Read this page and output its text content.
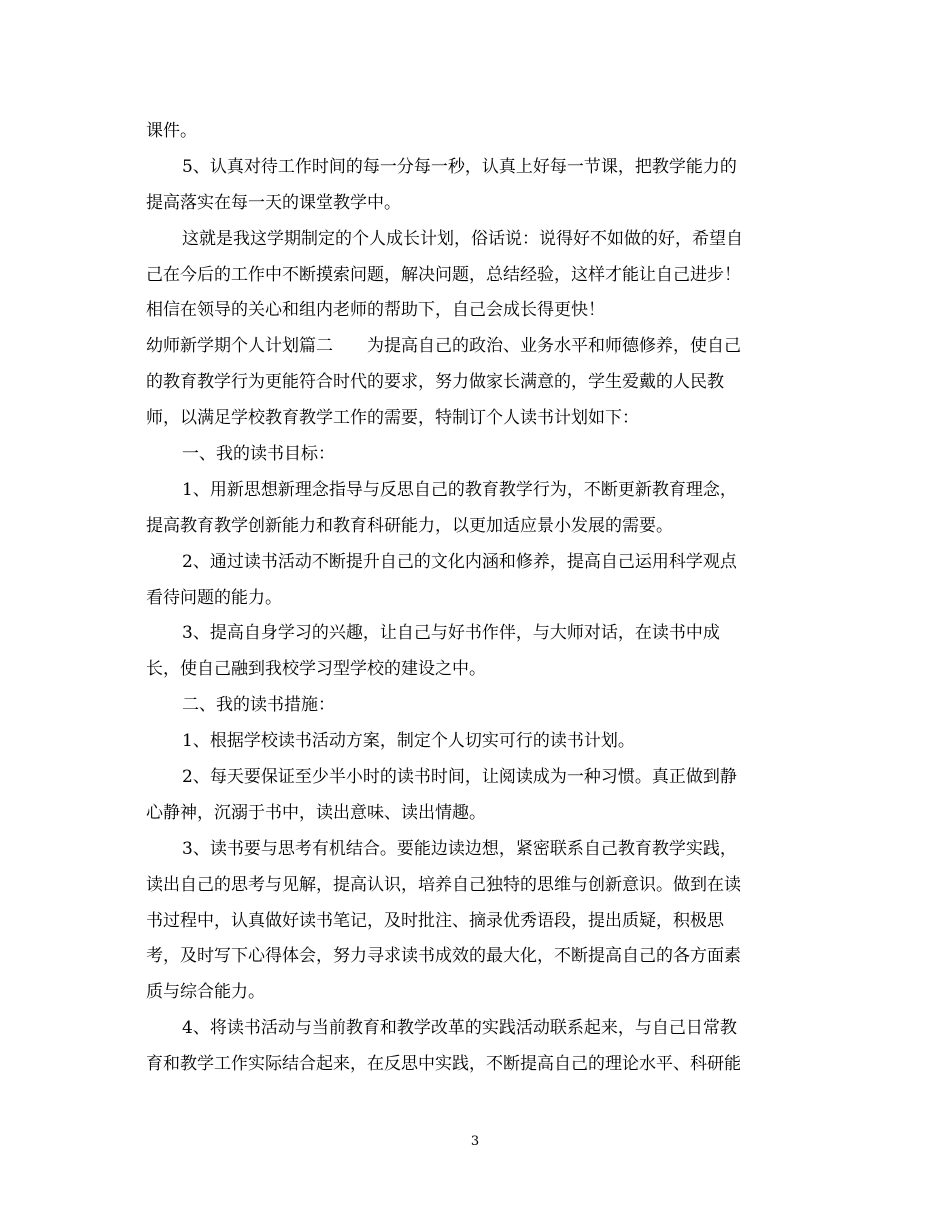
课件。
5、认真对待工作时间的每一分每一秒，认真上好每一节课，把教学能力的
提高落实在每一天的课堂教学中。
这就是我这学期制定的个人成长计划，俗话说：说得好不如做的好，希望自
己在今后的工作中不断摸索问题，解决问题，总结经验，这样才能让自己进步！
相信在领导的关心和组内老师的帮助下，自己会成长得更快！
幼师新学期个人计划篇二　　为提高自己的政治、业务水平和师德修养，使自己
的教育教学行为更能符合时代的要求，努力做家长满意的，学生爱戴的人民教
师，以满足学校教育教学工作的需要，特制订个人读书计划如下：
一、我的读书目标：
1、用新思想新理念指导与反思自己的教育教学行为，不断更新教育理念，
提高教育教学创新能力和教育科研能力，以更加适应景小发展的需要。
2、通过读书活动不断提升自己的文化内涵和修养，提高自己运用科学观点
看待问题的能力。
3、提高自身学习的兴趣，让自己与好书作伴，与大师对话，在读书中成
长，使自己融到我校学习型学校的建设之中。
二、我的读书措施：
1、根据学校读书活动方案，制定个人切实可行的读书计划。
2、每天要保证至少半小时的读书时间，让阅读成为一种习惯。真正做到静
心静神，沉溺于书中，读出意味、读出情趣。
3、读书要与思考有机结合。要能边读边想，紧密联系自己教育教学实践，
读出自己的思考与见解，提高认识，培养自己独特的思维与创新意识。做到在读
书过程中，认真做好读书笔记，及时批注、摘录优秀语段，提出质疑，积极思
考，及时写下心得体会，努力寻求读书成效的最大化，不断提高自己的各方面素
质与综合能力。
4、将读书活动与当前教育和教学改革的实践活动联系起来，与自己日常教
育和教学工作实际结合起来，在反思中实践，不断提高自己的理论水平、科研能
3
